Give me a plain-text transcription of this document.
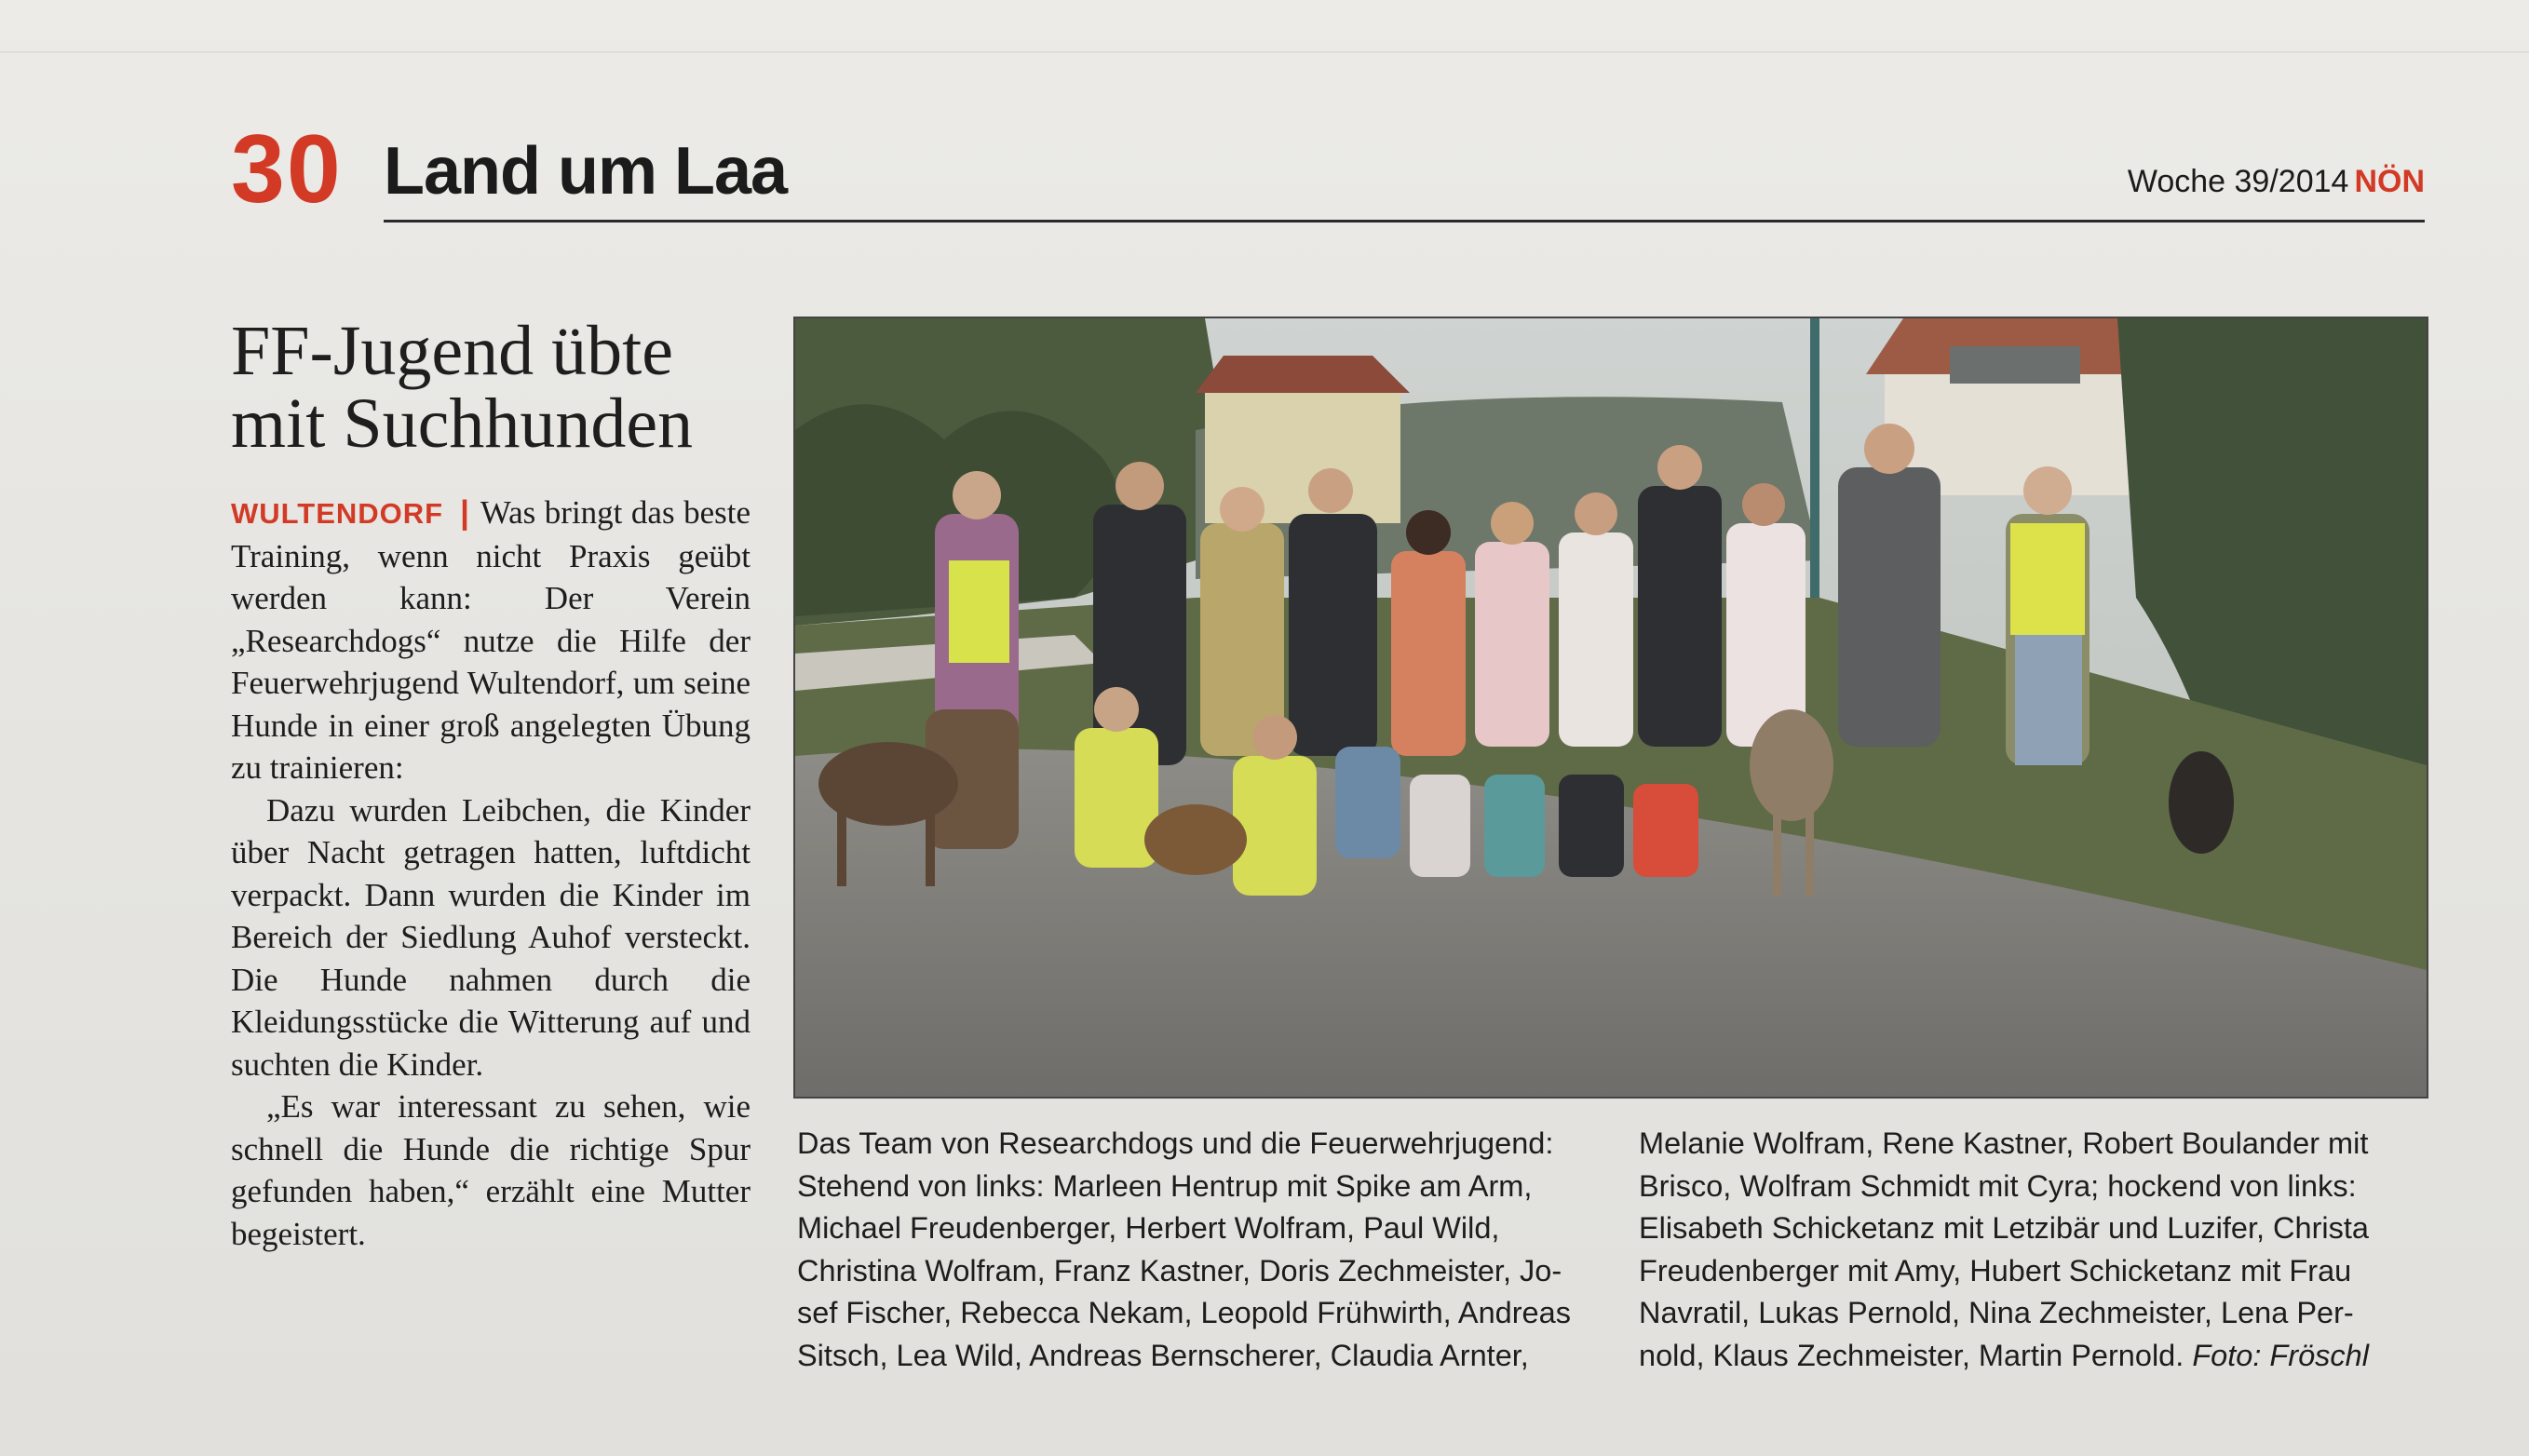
30 Land um Laa	Woche 39/2014 NÖN
FF-Jugend übte mit Suchhunden

WULTENDORF | Was bringt das beste Training, wenn nicht Praxis geübt werden kann: Der Verein „Researchdogs“ nutze die Hilfe der Feuerwehrjugend Wultendorf, um seine Hunde in einer groß angelegten Übung zu trainieren:

Dazu wurden Leibchen, die Kinder über Nacht getragen hatten, luftdicht verpackt. Dann wurden die Kinder im Bereich der Siedlung Auhof versteckt. Die Hunde nahmen durch die Kleidungsstücke die Witterung auf und suchten die Kinder.

„Es war interessant zu sehen, wie schnell die Hunde die richtige Spur gefunden haben,“ erzählt eine Mutter begeistert.

Das Team von Researchdogs und die Feuerwehrjugend:
Stehend von links: Marleen Hentrup mit Spike am Arm,
Michael Freudenberger, Herbert Wolfram, Paul Wild,
Christina Wolfram, Franz Kastner, Doris Zechmeister, Jo-
sef Fischer, Rebecca Nekam, Leopold Frühwirth, Andreas
Sitsch, Lea Wild, Andreas Bernscherer, Claudia Arnter,
Melanie Wolfram, Rene Kastner, Robert Boulander mit
Brisco, Wolfram Schmidt mit Cyra; hockend von links:
Elisabeth Schicketanz mit Letzibär und Luzifer, Christa
Freudenberger mit Amy, Hubert Schicketanz mit Frau
Navratil, Lukas Pernold, Nina Zechmeister, Lena Per-
nold, Klaus Zechmeister, Martin Pernold. Foto: Fröschl
